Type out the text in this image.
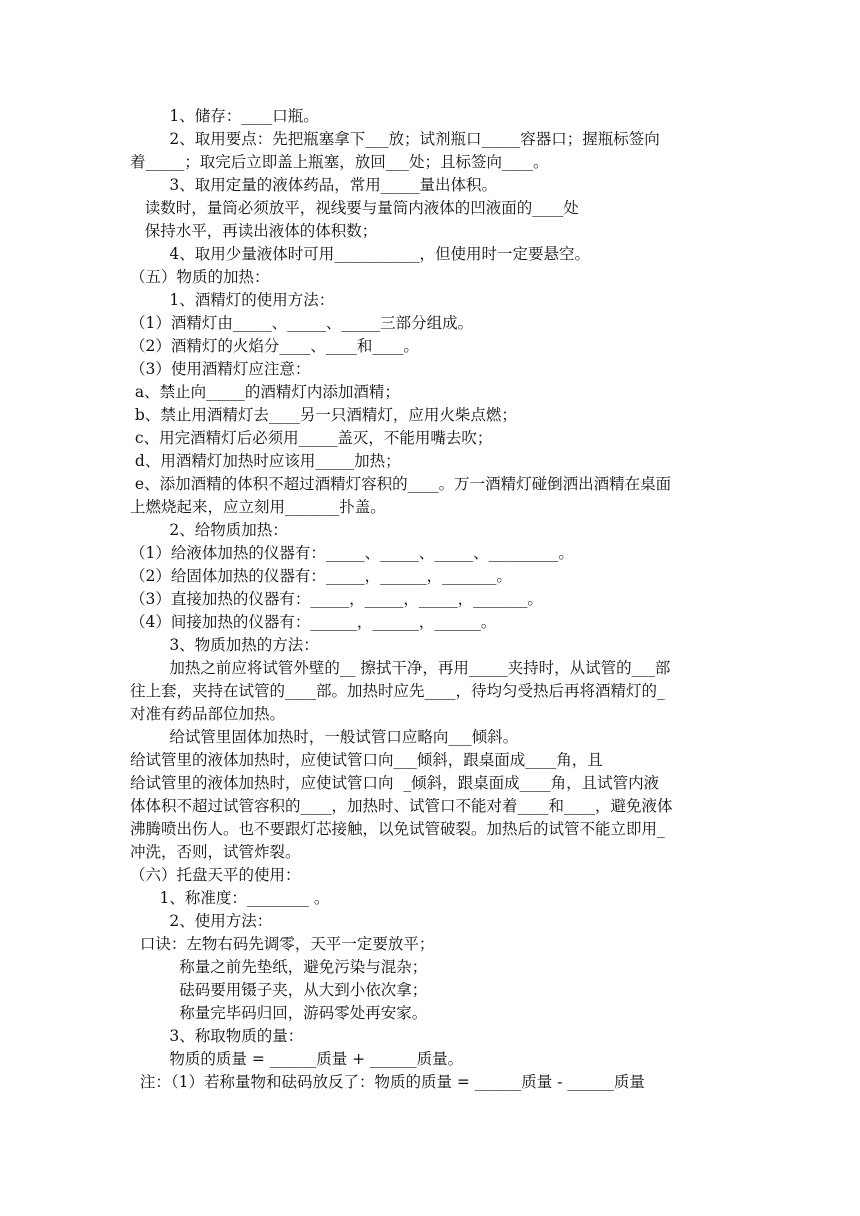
1、储存：____口瓶。
2、取用要点：先把瓶塞拿下___放；试剂瓶口_____容器口；握瓶标签向
着_____；取完后立即盖上瓶塞，放回___处；且标签向____。
3、取用定量的液体药品，常用_____量出体积。
读数时，量筒必须放平，视线要与量筒内液体的凹液面的____处
保持水平，再读出液体的体积数；
4、取用少量液体时可用___________，但使用时一定要悬空。
（五）物质的加热：
1、酒精灯的使用方法：
（1）酒精灯由_____、_____、_____三部分组成。
（2）酒精灯的火焰分____、____和____。
（3）使用酒精灯应注意：
a、禁止向_____的酒精灯内添加酒精；
b、禁止用酒精灯去____另一只酒精灯，应用火柴点燃；
c、用完酒精灯后必须用_____盖灭，不能用嘴去吹；
d、用酒精灯加热时应该用_____加热；
e、添加酒精的体积不超过酒精灯容积的____。万一酒精灯碰倒洒出酒精在桌面
上燃烧起来，应立刻用_______扑盖。
2、给物质加热：
（1）给液体加热的仪器有：_____、_____、_____、_________。
（2）给固体加热的仪器有：_____，______，_______。
（3）直接加热的仪器有：_____，_____，_____，_______。
（4）间接加热的仪器有：______，______，______。
3、物质加热的方法：
加热之前应将试管外壁的__ 擦拭干净，再用_____夹持时，从试管的___部
往上套，夹持在试管的____部。加热时应先____，待均匀受热后再将酒精灯的_
对准有药品部位加热。
给试管里固体加热时，一般试管口应略向___倾斜。
给试管里的液体加热时，应使试管口向___倾斜，跟桌面成____角，且
给试管里的液体加热时，应使试管口向  _倾斜，跟桌面成____角，且试管内液
体体积不超过试管容积的____，加热时、试管口不能对着____和____，避免液体
沸腾喷出伤人。也不要跟灯芯接触，以免试管破裂。加热后的试管不能立即用_
冲洗，否则，试管炸裂。
（六）托盘天平的使用：
1、称准度：________ 。
2、使用方法：
口诀：左物右码先调零，天平一定要放平；
称量之前先垫纸，避免污染与混杂；
砝码要用镊子夹，从大到小依次拿；
称量完毕码归回，游码零处再安家。
3、称取物质的量：
物质的质量 = ______质量 + ______质量。
注：（1）若称量物和砝码放反了：物质的质量 = ______质量 - ______质量
